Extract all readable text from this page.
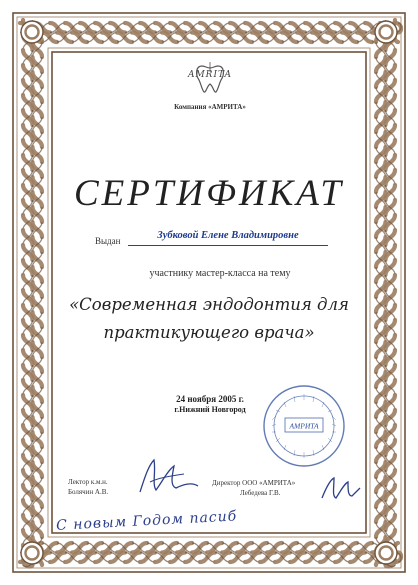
AMRITA
Компания «АМРИТА»
СЕРТИФИКАТ
Выдан	Зубковой Елене Владимировне
участнику мастер-класса на тему
«Современная эндодонтия для
практикующего врача»
24 ноября 2005 г.
г.Нижний Новгород
АМРИТА
Лектор к.м.н.
Болячин А.В.
Директор ООО «АМРИТА»
Лебедева Г.В.
С новым Годом пасиб
